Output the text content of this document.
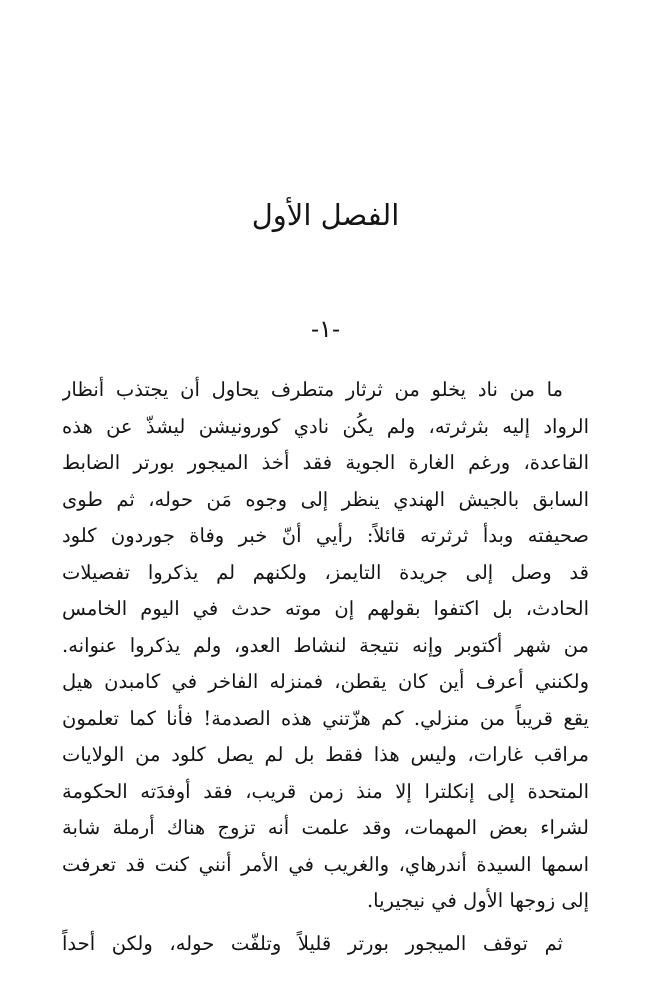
الفصل الأول
-١-
ما من ناد يخلو من ثرثار متطرف يحاول أن يجتذب أنظار
الرواد إليه بثرثرته، ولم يكُن نادي كورونيشن ليشذّ عن هذه
القاعدة، ورغم الغارة الجوية فقد أخذ الميجور بورتر الضابط
السابق بالجيش الهندي ينظر إلى وجوه مَن حوله، ثم طوى
صحيفته وبدأ ثرثرته قائلاً: رأيي أنّ خبر وفاة جوردون كلود
قد وصل إلى جريدة التايمز، ولكنهم لم يذكروا تفصيلات
الحادث، بل اكتفوا بقولهم إن موته حدث في اليوم الخامس
من شهر أكتوبر وإنه نتيجة لنشاط العدو، ولم يذكروا عنوانه.
ولكنني أعرف أين كان يقطن، فمنزله الفاخر في كامبدن هيل
يقع قريباً من منزلي. كم هزّتني هذه الصدمة! فأنا كما تعلمون
مراقب غارات، وليس هذا فقط بل لم يصل كلود من الولايات
المتحدة إلى إنكلترا إلا منذ زمن قريب، فقد أوفدَته الحكومة
لشراء بعض المهمات، وقد علمت أنه تزوج هناك أرملة شابة
اسمها السيدة أندرهاي، والغريب في الأمر أنني كنت قد تعرفت
إلى زوجها الأول في نيجيريا.
ثم توقف الميجور بورتر قليلاً وتلفّت حوله، ولكن أحداً
